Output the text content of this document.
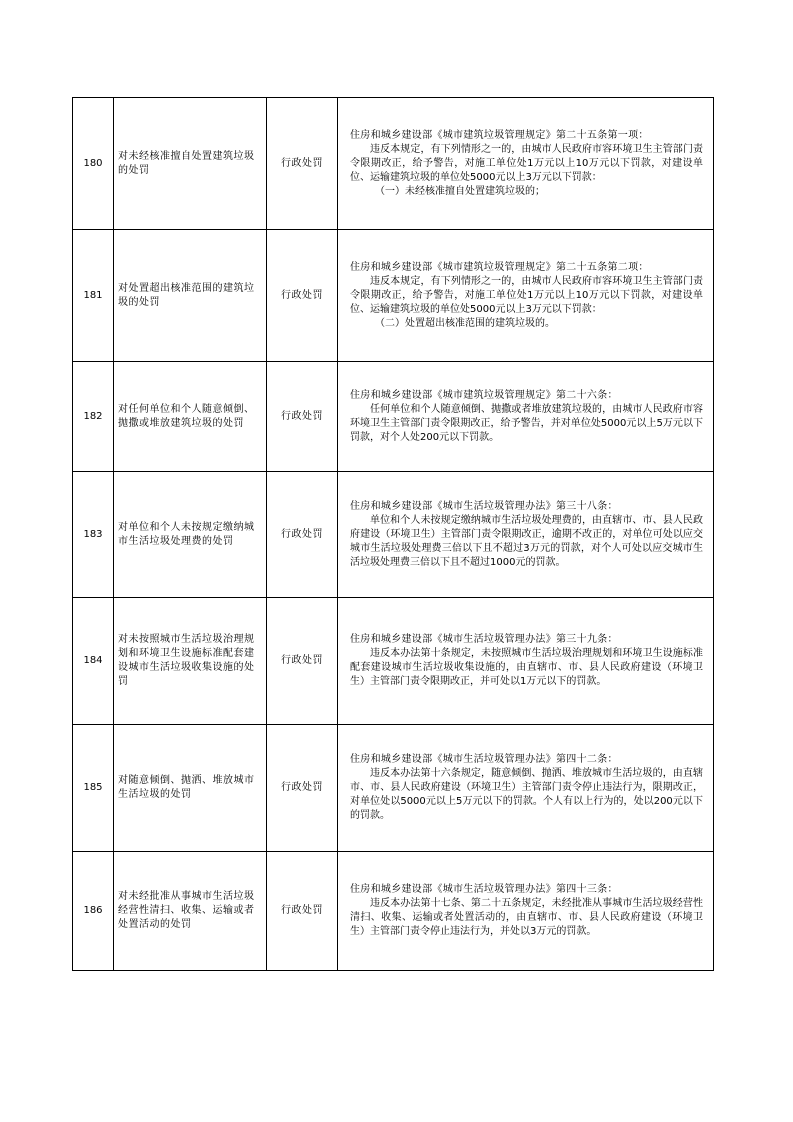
180	对未经核准擅自处置建筑垃圾的处罚	行政处罚	住房和城乡建设部《城市建筑垃圾管理规定》第二十五条第一项：
违反本规定，有下列情形之一的，由城市人民政府市容环境卫生主管部门责令限期改正，给予警告，对施工单位处1万元以上10万元以下罚款，对建设单位、运输建筑垃圾的单位处5000元以上3万元以下罚款：
（一）未经核准擅自处置建筑垃圾的；

181	对处置超出核准范围的建筑垃圾的处罚	行政处罚	住房和城乡建设部《城市建筑垃圾管理规定》第二十五条第二项：
违反本规定，有下列情形之一的，由城市人民政府市容环境卫生主管部门责令限期改正，给予警告，对施工单位处1万元以上10万元以下罚款，对建设单位、运输建筑垃圾的单位处5000元以上3万元以下罚款：
（二）处置超出核准范围的建筑垃圾的。

182	对任何单位和个人随意倾倒、抛撒或堆放建筑垃圾的处罚	行政处罚	住房和城乡建设部《城市建筑垃圾管理规定》第二十六条：
任何单位和个人随意倾倒、抛撒或者堆放建筑垃圾的，由城市人民政府市容环境卫生主管部门责令限期改正，给予警告，并对单位处5000元以上5万元以下罚款，对个人处200元以下罚款。

183	对单位和个人未按规定缴纳城市生活垃圾处理费的处罚	行政处罚	住房和城乡建设部《城市生活垃圾管理办法》第三十八条：
单位和个人未按规定缴纳城市生活垃圾处理费的，由直辖市、市、县人民政府建设（环境卫生）主管部门责令限期改正，逾期不改正的，对单位可处以应交城市生活垃圾处理费三倍以下且不超过3万元的罚款，对个人可处以应交城市生活垃圾处理费三倍以下且不超过1000元的罚款。

184	对未按照城市生活垃圾治理规划和环境卫生设施标准配套建设城市生活垃圾收集设施的处罚	行政处罚	住房和城乡建设部《城市生活垃圾管理办法》第三十九条：
违反本办法第十条规定，未按照城市生活垃圾治理规划和环境卫生设施标准配套建设城市生活垃圾收集设施的，由直辖市、市、县人民政府建设（环境卫生）主管部门责令限期改正，并可处以1万元以下的罚款。

185	对随意倾倒、抛洒、堆放城市生活垃圾的处罚	行政处罚	住房和城乡建设部《城市生活垃圾管理办法》第四十二条：
违反本办法第十六条规定，随意倾倒、抛洒、堆放城市生活垃圾的，由直辖市、市、县人民政府建设（环境卫生）主管部门责令停止违法行为，限期改正，对单位处以5000元以上5万元以下的罚款。个人有以上行为的，处以200元以下的罚款。

186	对未经批准从事城市生活垃圾经营性清扫、收集、运输或者处置活动的处罚	行政处罚	住房和城乡建设部《城市生活垃圾管理办法》第四十三条：
违反本办法第十七条、第二十五条规定，未经批准从事城市生活垃圾经营性清扫、收集、运输或者处置活动的，由直辖市、市、县人民政府建设（环境卫生）主管部门责令停止违法行为，并处以3万元的罚款。
